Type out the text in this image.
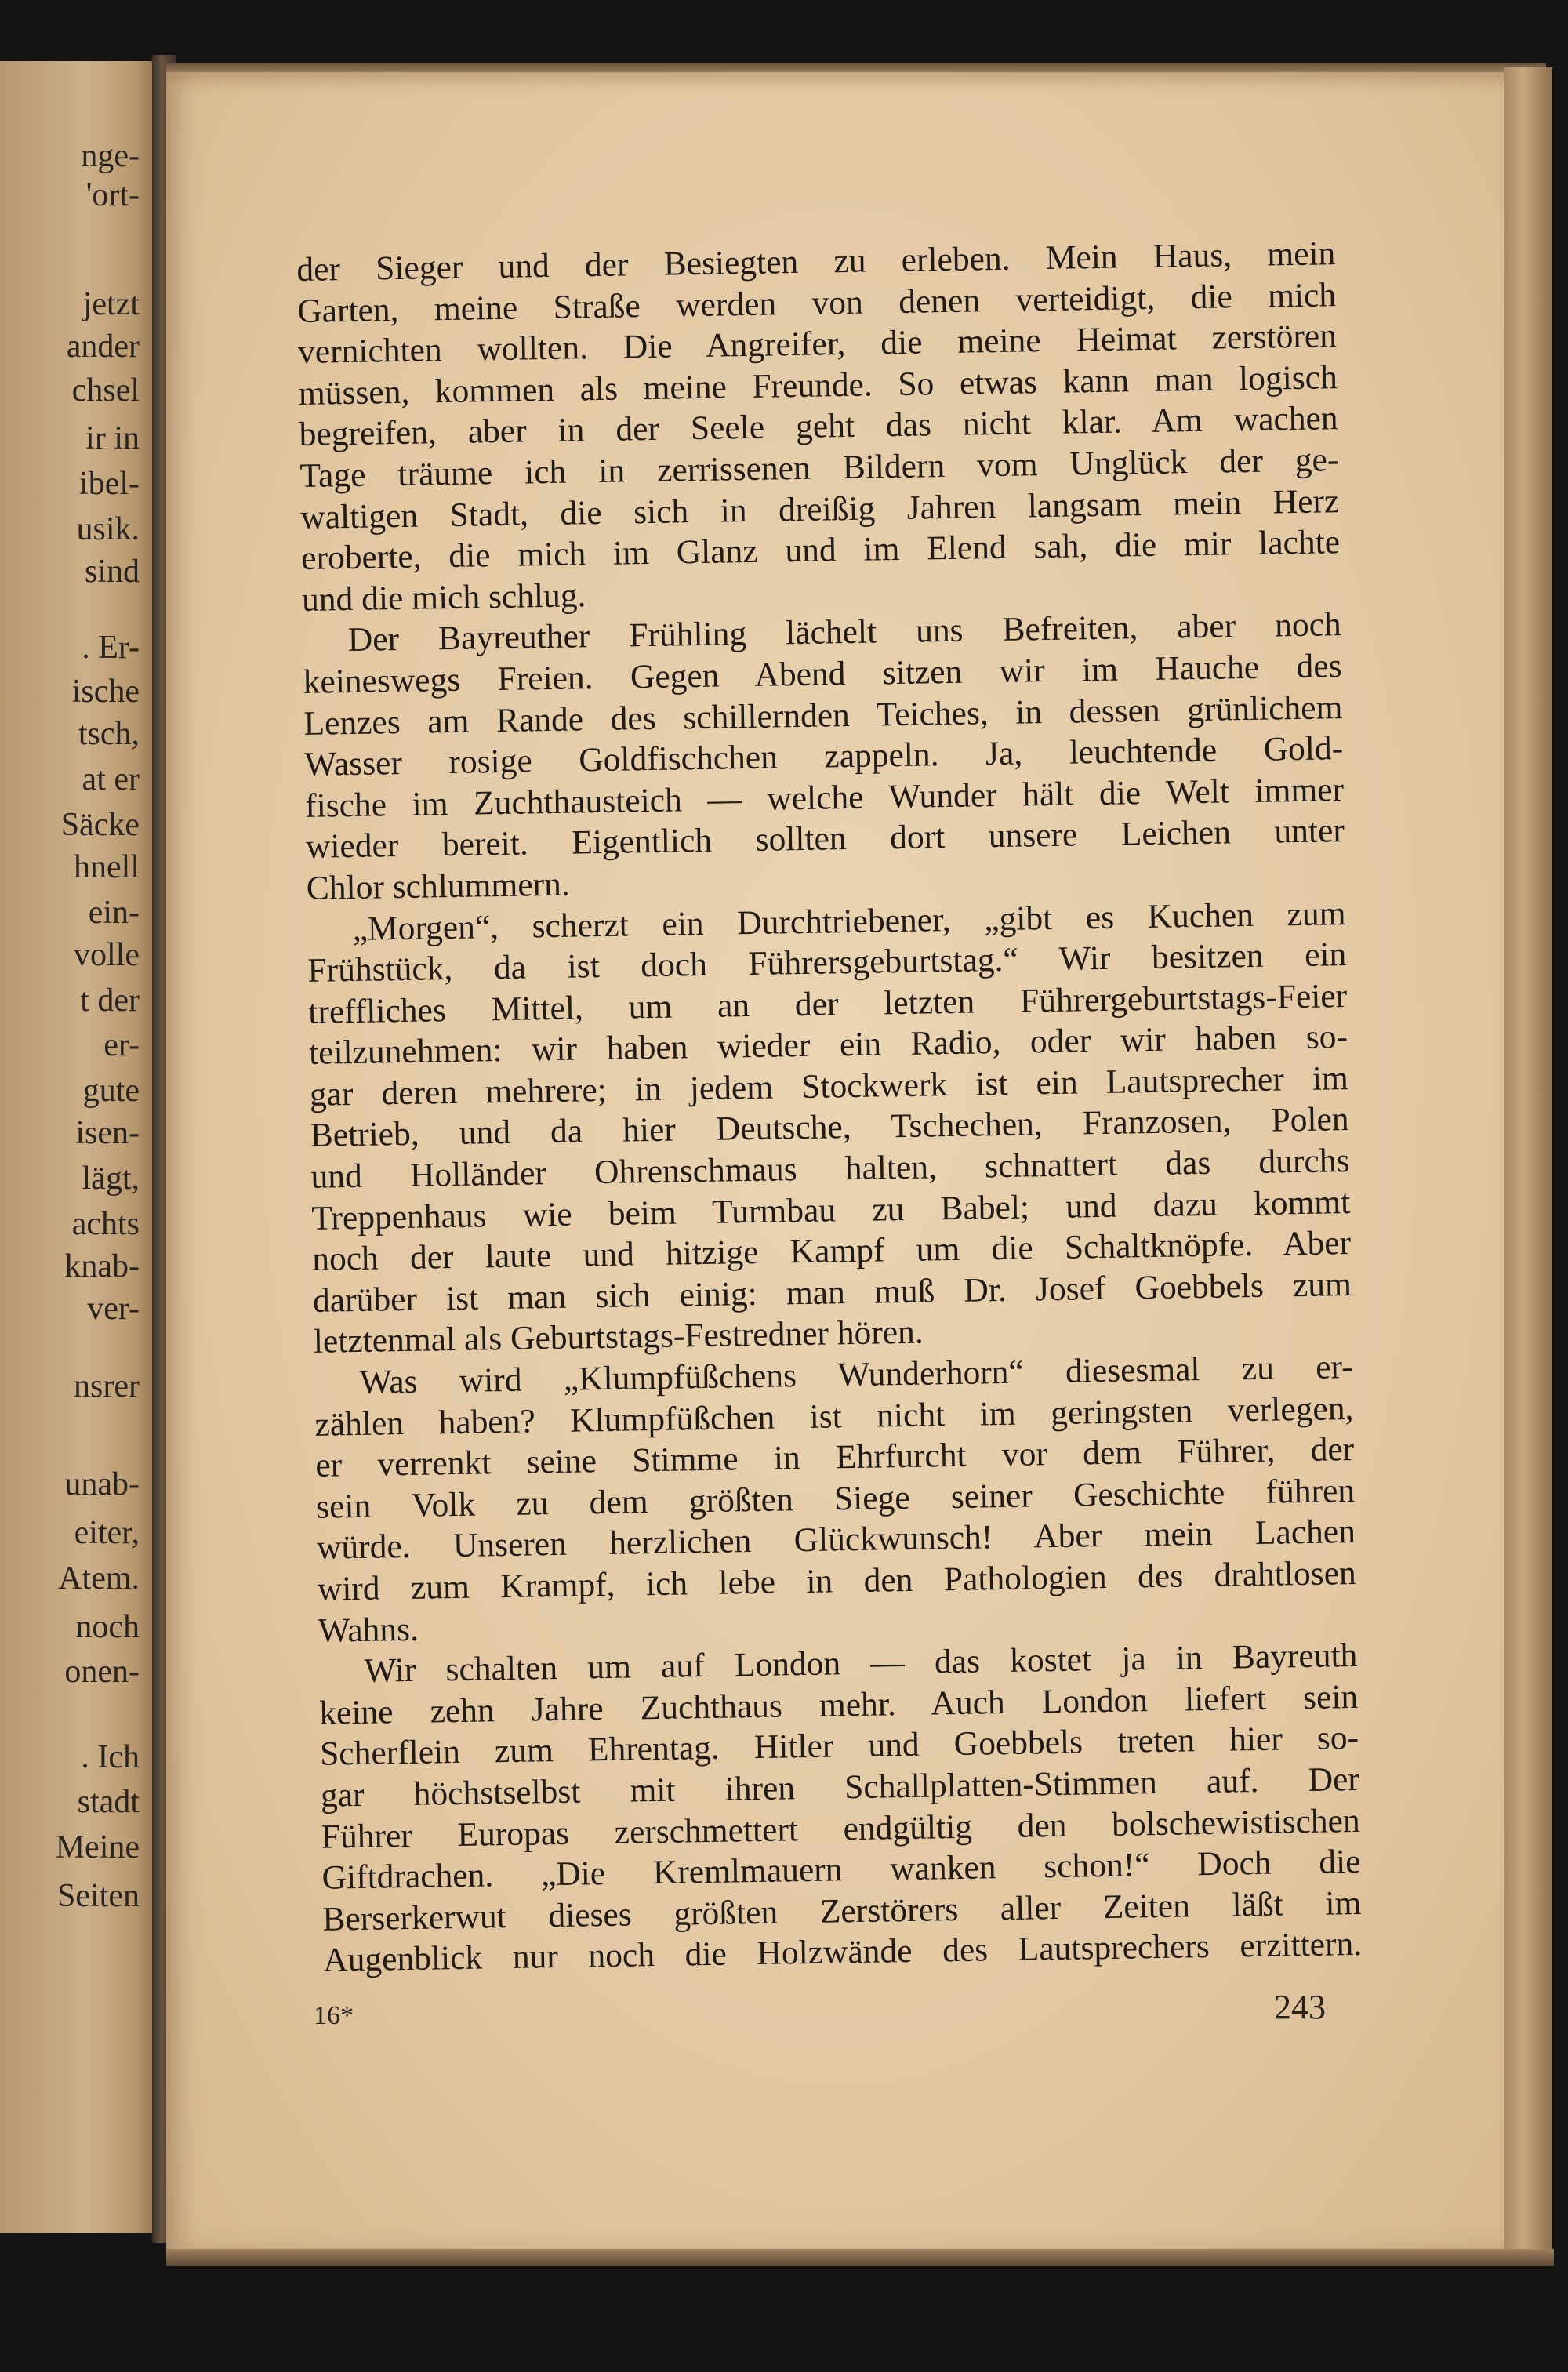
nge-
'ort-
jetzt
ander
chsel
ir in
ibel-
usik.
sind
. Er-
ische
tsch,
at er
Säcke
hnell
ein-
volle
t der
er-
gute
isen-
lägt,
achts
knab-
ver-
nsrer
unab-
eiter,
Atem.
noch
onen-
. Ich
stadt
Meine
Seiten
der Sieger und der Besiegten zu erleben. Mein Haus, mein
Garten, meine Straße werden von denen verteidigt, die mich
vernichten wollten. Die Angreifer, die meine Heimat zerstören
müssen, kommen als meine Freunde. So etwas kann man logisch
begreifen, aber in der Seele geht das nicht klar. Am wachen
Tage träume ich in zerrissenen Bildern vom Unglück der ge-
waltigen Stadt, die sich in dreißig Jahren langsam mein Herz
eroberte, die mich im Glanz und im Elend sah, die mir lachte
und die mich schlug.
Der Bayreuther Frühling lächelt uns Befreiten, aber noch
keineswegs Freien. Gegen Abend sitzen wir im Hauche des
Lenzes am Rande des schillernden Teiches, in dessen grünlichem
Wasser rosige Goldfischchen zappeln. Ja, leuchtende Gold-
fische im Zuchthausteich — welche Wunder hält die Welt immer
wieder bereit. Eigentlich sollten dort unsere Leichen unter
Chlor schlummern.
„Morgen“, scherzt ein Durchtriebener, „gibt es Kuchen zum
Frühstück, da ist doch Führersgeburtstag.“ Wir besitzen ein
treffliches Mittel, um an der letzten Führergeburtstags-Feier
teilzunehmen: wir haben wieder ein Radio, oder wir haben so-
gar deren mehrere; in jedem Stockwerk ist ein Lautsprecher im
Betrieb, und da hier Deutsche, Tschechen, Franzosen, Polen
und Holländer Ohrenschmaus halten, schnattert das durchs
Treppenhaus wie beim Turmbau zu Babel; und dazu kommt
noch der laute und hitzige Kampf um die Schaltknöpfe. Aber
darüber ist man sich einig: man muß Dr. Josef Goebbels zum
letztenmal als Geburtstags-Festredner hören.
Was wird „Klumpfüßchens Wunderhorn“ diesesmal zu er-
zählen haben? Klumpfüßchen ist nicht im geringsten verlegen,
er verrenkt seine Stimme in Ehrfurcht vor dem Führer, der
sein Volk zu dem größten Siege seiner Geschichte führen
würde. Unseren herzlichen Glückwunsch! Aber mein Lachen
wird zum Krampf, ich lebe in den Pathologien des drahtlosen
Wahns.
Wir schalten um auf London — das kostet ja in Bayreuth
keine zehn Jahre Zuchthaus mehr. Auch London liefert sein
Scherflein zum Ehrentag. Hitler und Goebbels treten hier so-
gar höchstselbst mit ihren Schallplatten-Stimmen auf. Der
Führer Europas zerschmettert endgültig den bolschewistischen
Giftdrachen. „Die Kremlmauern wanken schon!“ Doch die
Berserkerwut dieses größten Zerstörers aller Zeiten läßt im
Augenblick nur noch die Holzwände des Lautsprechers erzittern.
16*	243
